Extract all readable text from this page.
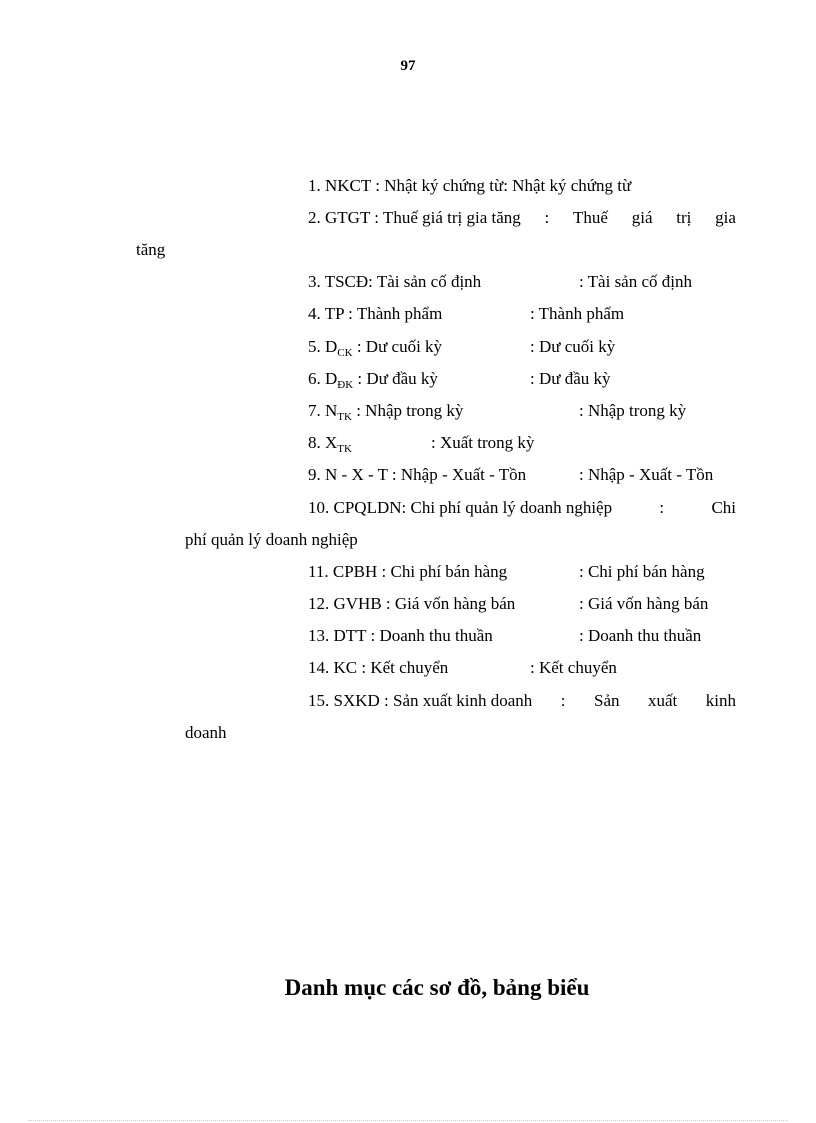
97
1. NKCT : Nhật ký chứng từ: Nhật ký chứng từ
2. GTGT : Thuế giá trị gia tăng : Thuế giá trị gia
tăng
3. TSCĐ: Tài sản cố định	: Tài sản cố định
4. TP : Thành phẩm	: Thành phẩm
5. $D_{CK}$ : Dư cuối kỳ	: Dư cuối kỳ
6. $D_{ĐK}$ : Dư đầu kỳ	: Dư đầu kỳ
7. $N_{TK}$ : Nhập trong kỳ	: Nhập trong kỳ
8. $X_{TK}$	: Xuất trong kỳ
9. N - X - T : Nhập - Xuất - Tồn	: Nhập - Xuất - Tồn
10. CPQLDN: Chi phí quản lý doanh nghiệp	:	Chi
phí quản lý doanh nghiệp
11. CPBH : Chi phí bán hàng	: Chi phí bán hàng
12. GVHB : Giá vốn hàng bán	: Giá vốn hàng bán
13. DTT : Doanh thu thuần	: Doanh thu thuần
14. KC : Kết chuyển	: Kết chuyển
15. SXKD : Sản xuất kinh doanh : Sản xuất kinh
doanh
Danh mục các sơ đồ, bảng biểu
